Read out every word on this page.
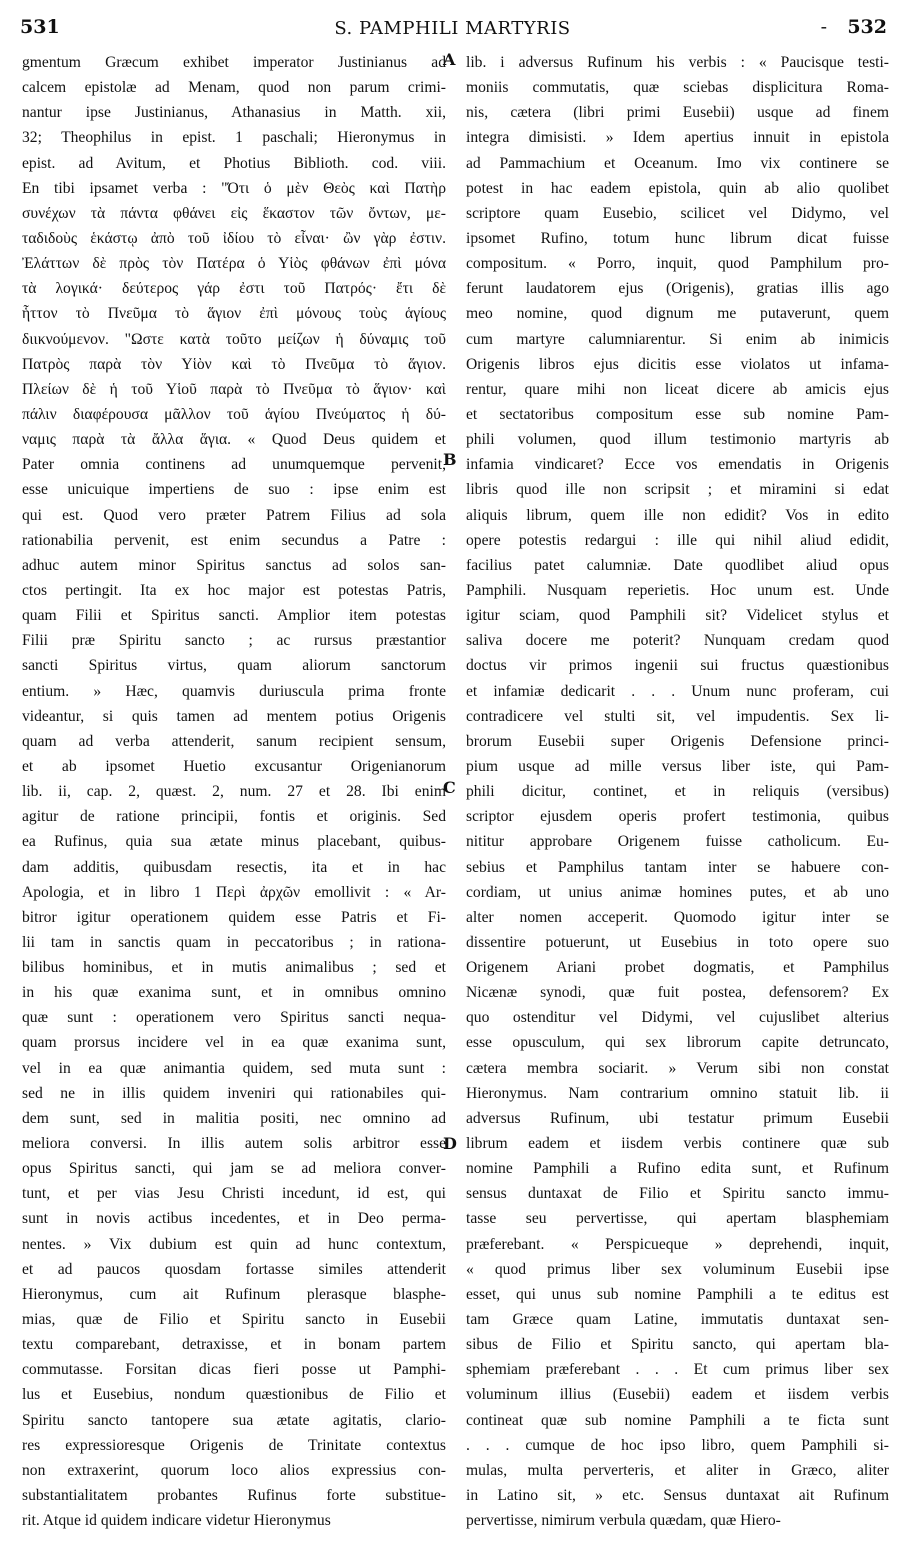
531	S. PAMPHILI MARTYRIS	- 532
gmentum Græcum exhibet imperator Justinianus ad
calcem epistolæ ad Menam, quod non parum crimi-
nantur ipse Justinianus, Athanasius in Matth. xii,
32; Theophilus in epist. 1 paschali; Hieronymus in
epist. ad Avitum, et Photius Biblioth. cod. viii.
En tibi ipsamet verba : "Ότι ὁ μὲν Θεὸς καὶ Πατὴρ
συνέχων τὰ πάντα φθάνει εἰς ἕκαστον τῶν ὄντων, με-
ταδιδοὺς ἑκάστῳ ἀπὸ τοῦ ἰδίου τὸ εἶναι· ὢν γὰρ ἐστιν.
Ἐλάττων δὲ πρὸς τὸν Πατέρα ὁ Υἱὸς φθάνων ἐπὶ μόνα
τὰ λογικά· δεύτερος γάρ ἐστι τοῦ Πατρός· ἔτι δὲ
ἧττον τὸ Πνεῦμα τὸ ἅγιον ἐπὶ μόνους τοὺς ἁγίους
διικνούμενον. "Ωστε κατὰ τοῦτο μείζων ἡ δύναμις τοῦ
Πατρὸς παρὰ τὸν Υἱὸν καὶ τὸ Πνεῦμα τὸ ἅγιον.
Πλείων δὲ ἡ τοῦ Υἱοῦ παρὰ τὸ Πνεῦμα τὸ ἅγιον· καὶ
πάλιν διαφέρουσα μᾶλλον τοῦ ἁγίου Πνεύματος ἡ δύ-
ναμις παρὰ τὰ ἄλλα ἅγια. « Quod Deus quidem et
Pater omnia continens ad unumquemque pervenit,
esse unicuique impertiens de suo : ipse enim est
qui est. Quod vero præter Patrem Filius ad sola
rationabilia pervenit, est enim secundus a Patre :
adhuc autem minor Spiritus sanctus ad solos san-
ctos pertingit. Ita ex hoc major est potestas Patris,
quam Filii et Spiritus sancti. Amplior item potestas
Filii præ Spiritu sancto ; ac rursus præstantior
sancti Spiritus virtus, quam aliorum sanctorum
entium. » Hæc, quamvis duriuscula prima fronte
videantur, si quis tamen ad mentem potius Origenis
quam ad verba attenderit, sanum recipient sensum,
et ab ipsomet Huetio excusantur Origenianorum
lib. ii, cap. 2, quæst. 2, num. 27 et 28. Ibi enim
agitur de ratione principii, fontis et originis. Sed
ea Rufinus, quia sua ætate minus placebant, quibus-
dam additis, quibusdam resectis, ita et in hac
Apologia, et in libro 1 Περὶ ἀρχῶν emollivit : « Ar-
bitror igitur operationem quidem esse Patris et Fi-
lii tam in sanctis quam in peccatoribus ; in rationa-
bilibus hominibus, et in mutis animalibus ; sed et
in his quæ exanima sunt, et in omnibus omnino
quæ sunt : operationem vero Spiritus sancti nequa-
quam prorsus incidere vel in ea quæ exanima sunt,
vel in ea quæ animantia quidem, sed muta sunt :
sed ne in illis quidem inveniri qui rationabiles qui-
dem sunt, sed in malitia positi, nec omnino ad
meliora conversi. In illis autem solis arbitror esse
opus Spiritus sancti, qui jam se ad meliora conver-
tunt, et per vias Jesu Christi incedunt, id est, qui
sunt in novis actibus incedentes, et in Deo perma-
nentes. » Vix dubium est quin ad hunc contextum,
et ad paucos quosdam fortasse similes attenderit
Hieronymus, cum ait Rufinum plerasque blasphe-
mias, quæ de Filio et Spiritu sancto in Eusebii
textu comparebant, detraxisse, et in bonam partem
commutasse. Forsitan dicas fieri posse ut Pamphi-
lus et Eusebius, nondum quæstionibus de Filio et
Spiritu sancto tantopere sua ætate agitatis, clario-
res expressioresque Origenis de Trinitate contextus
non extraxerint, quorum loco alios expressius con-
substantialitatem probantes Rufinus forte substitue-
rit. Atque id quidem indicare videtur Hieronymus
lib. i adversus Rufinum his verbis : « Paucisque testi-
moniis commutatis, quæ sciebas displicitura Roma-
nis, cætera (libri primi Eusebii) usque ad finem
integra dimisisti. » Idem apertius innuit in epistola
ad Pammachium et Oceanum. Imo vix continere se
potest in hac eadem epistola, quin ab alio quolibet
scriptore quam Eusebio, scilicet vel Didymo, vel
ipsomet Rufino, totum hunc librum dicat fuisse
compositum. « Porro, inquit, quod Pamphilum pro-
ferunt laudatorem ejus (Origenis), gratias illis ago
meo nomine, quod dignum me putaverunt, quem
cum martyre calumniarentur. Si enim ab inimicis
Origenis libros ejus dicitis esse violatos ut infama-
rentur, quare mihi non liceat dicere ab amicis ejus
et sectatoribus compositum esse sub nomine Pam-
phili volumen, quod illum testimonio martyris ab
infamia vindicaret? Ecce vos emendatis in Origenis
libris quod ille non scripsit ; et miramini si edat
aliquis librum, quem ille non edidit? Vos in edito
opere potestis redargui : ille qui nihil aliud edidit,
facilius patet calumniæ. Date quodlibet aliud opus
Pamphili. Nusquam reperietis. Hoc unum est. Unde
igitur sciam, quod Pamphili sit? Videlicet stylus et
saliva docere me poterit? Nunquam credam quod
doctus vir primos ingenii sui fructus quæstionibus
et infamiæ dedicarit . . . Unum nunc proferam, cui
contradicere vel stulti sit, vel impudentis. Sex li-
brorum Eusebii super Origenis Defensione princi-
pium usque ad mille versus liber iste, qui Pam-
phili dicitur, continet, et in reliquis (versibus)
scriptor ejusdem operis profert testimonia, quibus
nititur approbare Origenem fuisse catholicum. Eu-
sebius et Pamphilus tantam inter se habuere con-
cordiam, ut unius animæ homines putes, et ab uno
alter nomen acceperit. Quomodo igitur inter se
dissentire potuerunt, ut Eusebius in toto opere suo
Origenem Ariani probet dogmatis, et Pamphilus
Nicænæ synodi, quæ fuit postea, defensorem? Ex
quo ostenditur vel Didymi, vel cujuslibet alterius
esse opusculum, qui sex librorum capite detruncato,
cætera membra sociarit. » Verum sibi non constat
Hieronymus. Nam contrarium omnino statuit lib. ii
adversus Rufinum, ubi testatur primum Eusebii
librum eadem et iisdem verbis continere quæ sub
nomine Pamphili a Rufino edita sunt, et Rufinum
sensus duntaxat de Filio et Spiritu sancto immu-
tasse seu pervertisse, qui apertam blasphemiam
præferebant. « Perspicueque » deprehendi, inquit,
« quod primus liber sex voluminum Eusebii ipse
esset, qui unus sub nomine Pamphili a te editus est
tam Græce quam Latine, immutatis duntaxat sen-
sibus de Filio et Spiritu sancto, qui apertam bla-
sphemiam præferebant . . . Et cum primus liber sex
voluminum illius (Eusebii) eadem et iisdem verbis
contineat quæ sub nomine Pamphili a te ficta sunt
. . . cumque de hoc ipso libro, quem Pamphili si-
mulas, multa perverteris, et aliter in Græco, aliter
in Latino sit, » etc. Sensus duntaxat ait Rufinum
pervertisse, nimirum verbula quædam, quæ Hiero-
A
B
C
D
